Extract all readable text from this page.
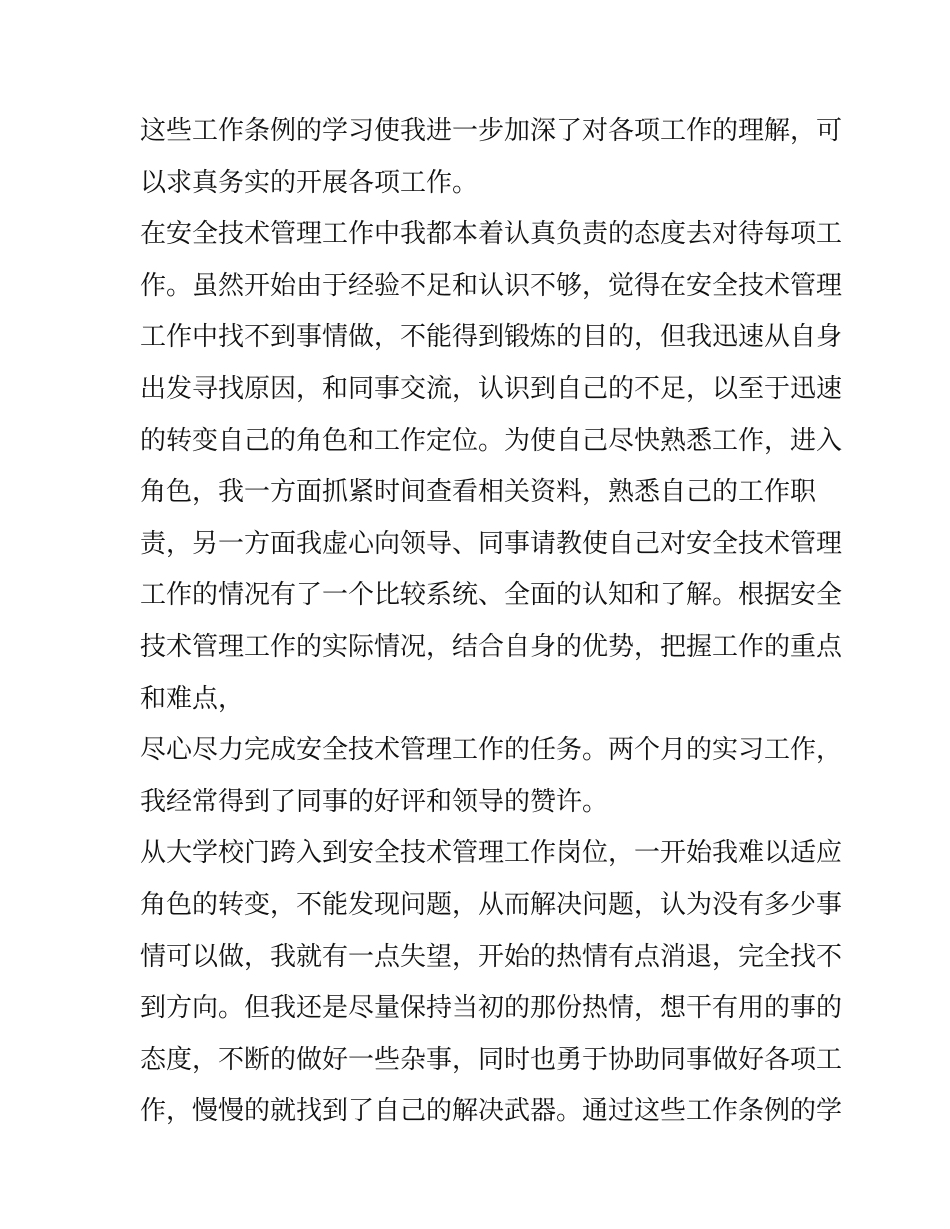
这些工作条例的学习使我进一步加深了对各项工作的理解，可
以求真务实的开展各项工作。
在安全技术管理工作中我都本着认真负责的态度去对待每项工
作。虽然开始由于经验不足和认识不够，觉得在安全技术管理
工作中找不到事情做，不能得到锻炼的目的，但我迅速从自身
出发寻找原因，和同事交流，认识到自己的不足，以至于迅速
的转变自己的角色和工作定位。为使自己尽快熟悉工作，进入
角色，我一方面抓紧时间查看相关资料，熟悉自己的工作职
责，另一方面我虚心向领导、同事请教使自己对安全技术管理
工作的情况有了一个比较系统、全面的认知和了解。根据安全
技术管理工作的实际情况，结合自身的优势，把握工作的重点
和难点，
尽心尽力完成安全技术管理工作的任务。两个月的实习工作，
我经常得到了同事的好评和领导的赞许。
从大学校门跨入到安全技术管理工作岗位，一开始我难以适应
角色的转变，不能发现问题，从而解决问题，认为没有多少事
情可以做，我就有一点失望，开始的热情有点消退，完全找不
到方向。但我还是尽量保持当初的那份热情，想干有用的事的
态度，不断的做好一些杂事，同时也勇于协助同事做好各项工
作，慢慢的就找到了自己的解决武器。通过这些工作条例的学
